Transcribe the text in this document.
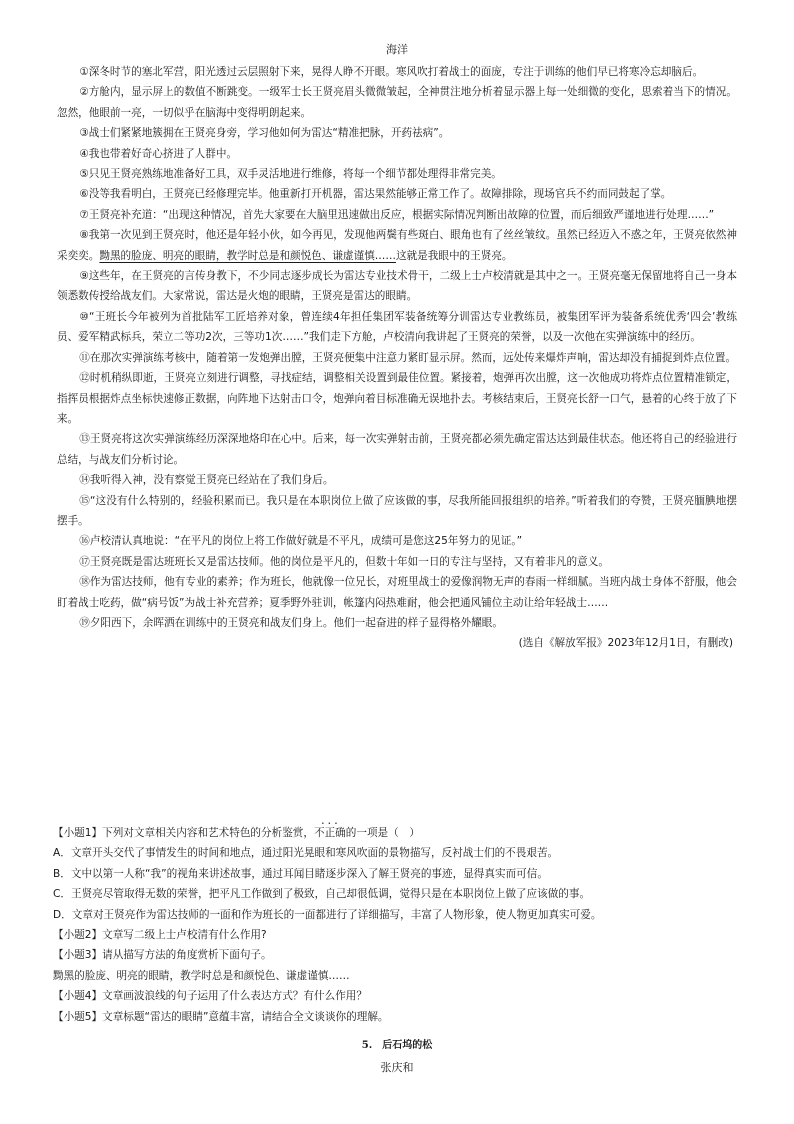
海洋

①深冬时节的塞北军营，阳光透过云层照射下来，晃得人睁不开眼。寒风吹打着战士的面庞，专注于训练的他们早已将寒冷忘却脑后。

②方舱内，显示屏上的数值不断跳变。一级军士长王贤亮眉头微微皱起，全神贯注地分析着显示器上每一处细微的变化，思索着当下的情况。忽然，他眼前一亮，一切似乎在脑海中变得明朗起来。

③战士们紧紧地簇拥在王贤亮身旁，学习他如何为雷达“精准把脉，开药祛病”。

④我也带着好奇心挤进了人群中。

⑤只见王贤亮熟练地准备好工具，双手灵活地进行维修，将每一个细节都处理得非常完美。

⑥没等我看明白，王贤亮已经修理完毕。他重新打开机器，雷达果然能够正常工作了。故障排除，现场官兵不约而同鼓起了掌。

⑦王贤亮补充道：“出现这种情况，首先大家要在大脑里迅速做出反应，根据实际情况判断出故障的位置，而后细致严谨地进行处理……”

⑧我第一次见到王贤亮时，他还是年轻小伙，如今再见，发现他两鬓有些斑白、眼角也有了丝丝皱纹。虽然已经迈入不惑之年，王贤亮依然神采奕奕。黝黑的脸庞、明亮的眼睛，教学时总是和颜悦色、谦虚谨慎……这就是我眼中的王贤亮。

⑨这些年，在王贤亮的言传身教下，不少同志逐步成长为雷达专业技术骨干，二级上士卢校清就是其中之一。王贤亮毫无保留地将自己一身本领悉数传授给战友们。大家常说，雷达是火炮的眼睛，王贤亮是雷达的眼睛。

⑩“王班长今年被列为首批陆军工匠培养对象，曾连续4年担任集团军装备统筹分训雷达专业教练员，被集团军评为装备系统优秀‘四会’教练员、爱军精武标兵，荣立二等功2次，三等功1次……”我们走下方舱，卢校清向我讲起了王贤亮的荣誉，以及一次他在实弹演练中的经历。

⑪在那次实弹演练考核中，随着第一发炮弹出膛，王贤亮便集中注意力紧盯显示屏。然而，远处传来爆炸声响，雷达却没有捕捉到炸点位置。

⑫时机稍纵即逝，王贤亮立刻进行调整，寻找症结，调整相关设置到最佳位置。紧接着，炮弹再次出膛，这一次他成功将炸点位置精准锁定，指挥员根据炸点坐标快速修正数据，向阵地下达射击口令，炮弹向着目标准确无误地扑去。考核结束后，王贤亮长舒一口气，悬着的心终于放了下来。

⑬王贤亮将这次实弹演练经历深深地烙印在心中。后来，每一次实弹射击前，王贤亮都必须先确定雷达达到最佳状态。他还将自己的经验进行总结，与战友们分析讨论。

⑭我听得入神，没有察觉王贤亮已经站在了我们身后。

⑮“这没有什么特别的，经验积累而已。我只是在本职岗位上做了应该做的事，尽我所能回报组织的培养。”听着我们的夸赞，王贤亮腼腆地摆摆手。

⑯卢校清认真地说：“在平凡的岗位上将工作做好就是不平凡，成绩可是您这25年努力的见证。”

⑰王贤亮既是雷达班班长又是雷达技师。他的岗位是平凡的，但数十年如一日的专注与坚持，又有着非凡的意义。

⑱作为雷达技师，他有专业的素养；作为班长，他就像一位兄长，对班里战士的爱像润物无声的春雨一样细腻。当班内战士身体不舒服，他会盯着战士吃药，做“病号饭”为战士补充营养；夏季野外驻训，帐篷内闷热难耐，他会把通风铺位主动让给年轻战士……

⑲夕阳西下，余晖洒在训练中的王贤亮和战友们身上。他们一起奋进的样子显得格外耀眼。

(选自《解放军报》2023年12月1日，有删改)

【小题1】下列对文章相关内容和艺术特色的分析鉴赏，不正确 • • •的一项是（　）

A．文章开头交代了事情发生的时间和地点，通过阳光晃眼和寒风吹面的景物描写，反衬战士们的不畏艰苦。

B．文中以第一人称“我”的视角来讲述故事，通过耳闻目睹逐步深入了解王贤亮的事迹，显得真实而可信。

C．王贤亮尽管取得无数的荣誉，把平凡工作做到了极致，自己却很低调，觉得只是在本职岗位上做了应该做的事。

D．文章对王贤亮作为雷达技师的一面和作为班长的一面都进行了详细描写，丰富了人物形象，使人物更加真实可爱。

【小题2】文章写二级上士卢校清有什么作用?

【小题3】请从描写方法的角度赏析下面句子。

黝黑的脸庞、明亮的眼睛，教学时总是和颜悦色、谦虚谨慎……

【小题4】文章画波浪线的句子运用了什么表达方式？有什么作用？

【小题5】文章标题“雷达的眼睛”意蕴丰富，请结合全文谈谈你的理解。

5.　后石坞的松
张庆和
